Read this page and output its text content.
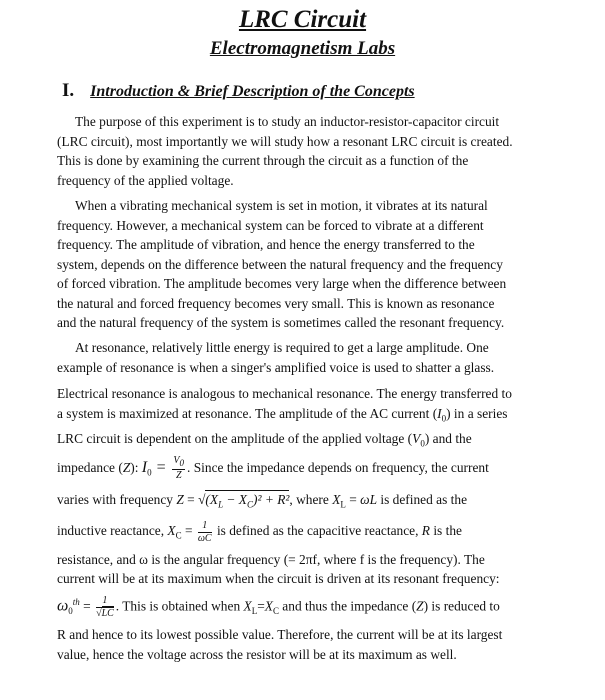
LRC Circuit
Electromagnetism Labs
I. Introduction & Brief Description of the Concepts
The purpose of this experiment is to study an inductor-resistor-capacitor circuit
(LRC circuit), most importantly we will study how a resonant LRC circuit is created.
This is done by examining the current through the circuit as a function of the
frequency of the applied voltage.
When a vibrating mechanical system is set in motion, it vibrates at its natural
frequency. However, a mechanical system can be forced to vibrate at a different
frequency. The amplitude of vibration, and hence the energy transferred to the
system, depends on the difference between the natural frequency and the frequency
of forced vibration. The amplitude becomes very large when the difference between
the natural and forced frequency becomes very small. This is known as resonance
and the natural frequency of the system is sometimes called the resonant frequency.
At resonance, relatively little energy is required to get a large amplitude. One
example of resonance is when a singer's amplified voice is used to shatter a glass.
Electrical resonance is analogous to mechanical resonance. The energy transferred to
a system is maximized at resonance. The amplitude of the AC current $(I_0)$ in a series
LRC circuit is dependent on the amplitude of the applied voltage $(V_0)$ and the
impedance (Z): $I_0 = \frac{V_0}{Z}$ . Since the impedance depends on frequency, the current
varies with frequency $Z = √(X_L - X_C)^2 + R^2$, where $X_L = \omega L$ is defined as the
inductive reactance, $X_C = \frac{1}{\omega C}$ is defined as the capacitive reactance, R is the
resistance, and ω is the angular frequency (= 2πf, where f is the frequency). The
current will be at its maximum when the circuit is driven at its resonant frequency:
$\omega_0^{th} = \frac{1}{√LC}$ . This is obtained when $X_L=X_C$ and thus the impedance (Z) is reduced to
R and hence to its lowest possible value. Therefore, the current will be at its largest
value, hence the voltage across the resistor will be at its maximum as well.
